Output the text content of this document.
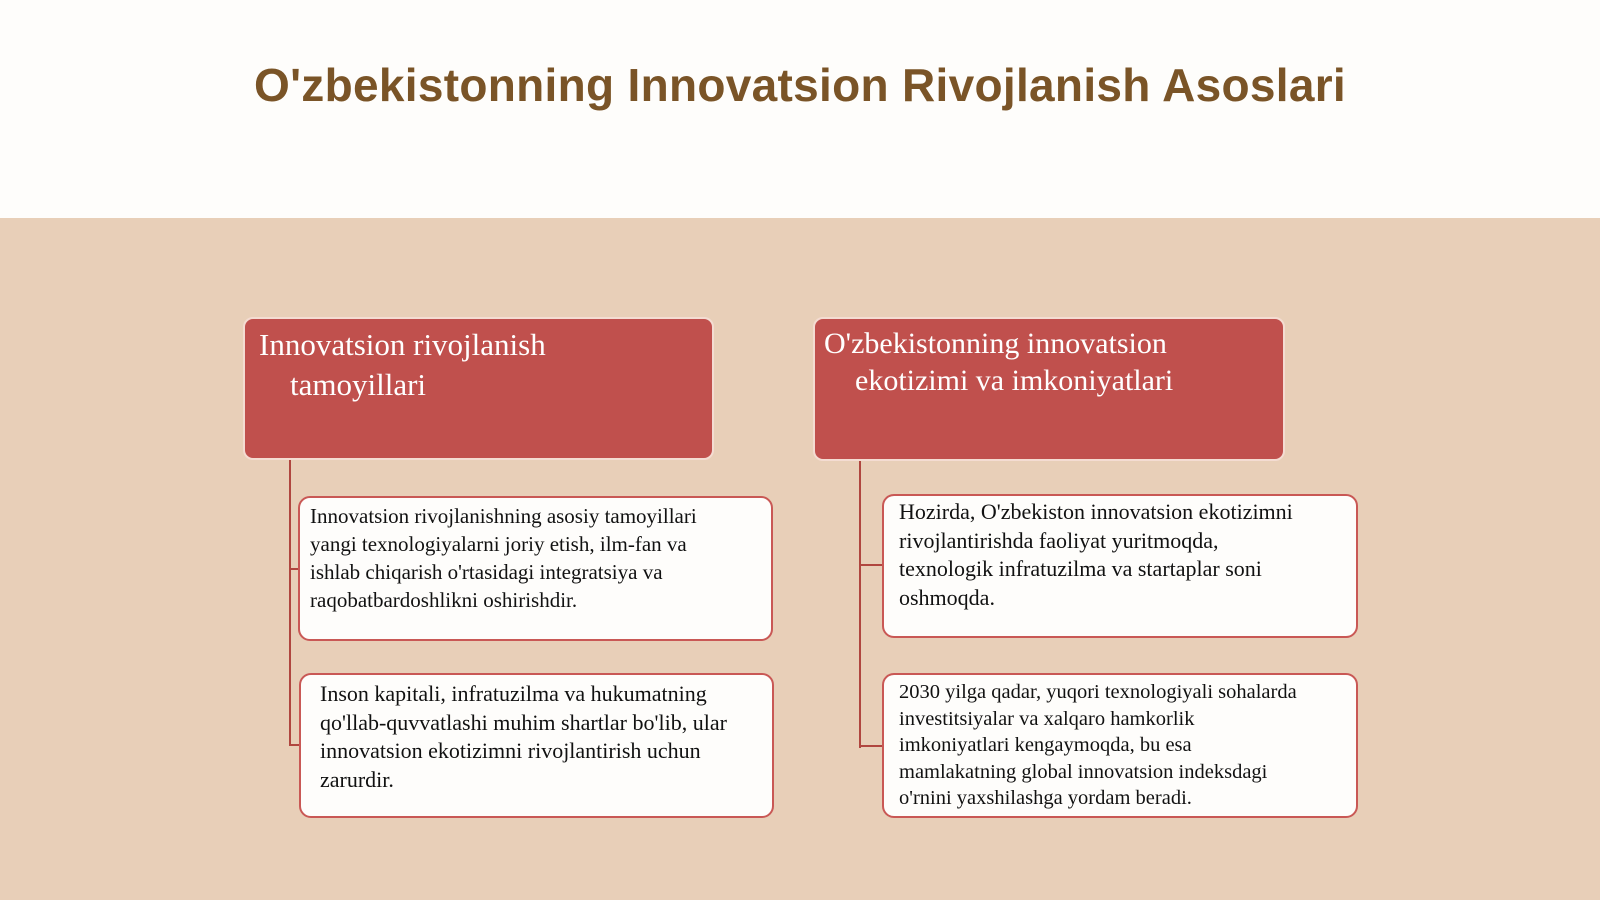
O'zbekistonning Innovatsion Rivojlanish Asoslari
Innovatsion rivojlanish
tamoyillari
Innovatsion rivojlanishning asosiy tamoyillari
yangi texnologiyalarni joriy etish, ilm-fan va
ishlab chiqarish o'rtasidagi integratsiya va
raqobatbardoshlikni oshirishdir.
Inson kapitali, infratuzilma va hukumatning
qo'llab-quvvatlashi muhim shartlar bo'lib, ular
innovatsion ekotizimni rivojlantirish uchun
zarurdir.
O'zbekistonning innovatsion
ekotizimi va imkoniyatlari
Hozirda, O'zbekiston innovatsion ekotizimni
rivojlantirishda faoliyat yuritmoqda,
texnologik infratuzilma va startaplar soni
oshmoqda.
2030 yilga qadar, yuqori texnologiyali sohalarda
investitsiyalar va xalqaro hamkorlik
imkoniyatlari kengaymoqda, bu esa
mamlakatning global innovatsion indeksdagi
o'rnini yaxshilashga yordam beradi.
